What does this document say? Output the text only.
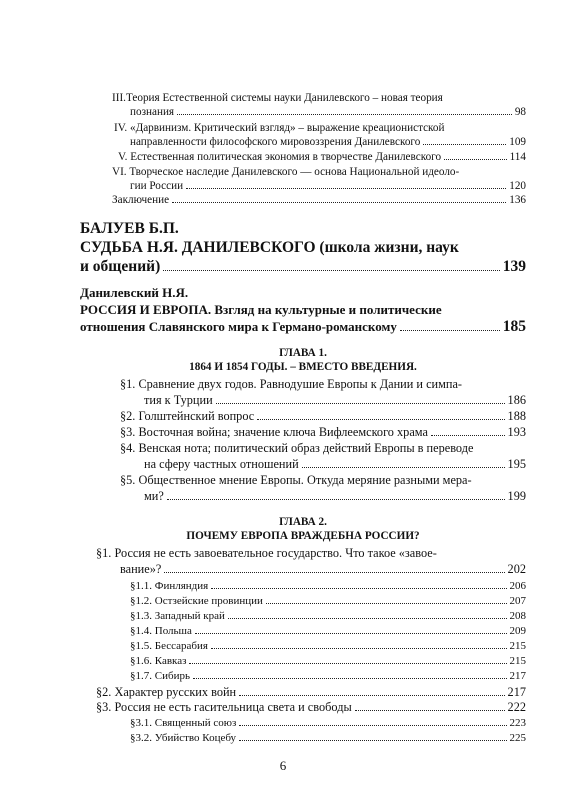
III.Теория Естественной системы науки Данилевского – новая теория
познания	98
IV. «Дарвинизм. Критический взгляд» – выражение креационистской
направленности философского мировоззрения Данилевского	109
V.
Естественная политическая экономия в творчестве Данилевского	114
VI. Творческое наследие Данилевского — основа Национальной идеоло-
гии России	120
Заключение	136
БАЛУЕВ Б.П.
СУДЬБА Н.Я. ДАНИЛЕВСКОГО (школа жизни, наук
и общений)	139
Данилевский Н.Я.
РОССИЯ И ЕВРОПА. Взгляд на культурные и политические
отношения Славянского мира к Германо-романскому	185
ГЛАВА 1.
1864 И 1854 ГОДЫ. – ВМЕСТО ВВЕДЕНИЯ.
§1. Сравнение двух годов. Равнодушие Европы к Дании и симпа-
тия к Турции	186
§2.
Голштейнский вопрос	188
§3.
Восточная война; значение ключа Вифлеемского храма	193
§4. Венская нота; политический образ действий Европы в переводе
на сферу частных отношений	195
§5. Общественное мнение Европы. Откуда меряние разными мера-
ми?	199
ГЛАВА 2.
ПОЧЕМУ ЕВРОПА ВРАЖДЕБНА РОССИИ?
§1. Россия не есть завоевательное государство. Что такое «завое-
вание»?	202
§1.1.
Финляндия	206
§1.2.
Остзейские провинции	207
§1.3.
Западный край	208
§1.4.
Польша	209
§1.5.
Бессарабия	215
§1.6.
Кавказ	215
§1.7.
Сибирь	217
§2.
Характер русских войн	217
§3.
Россия не есть гасительница света и свободы	222
§3.1.
Священный союз	223
§3.2.
Убийство Коцебу	225
6
